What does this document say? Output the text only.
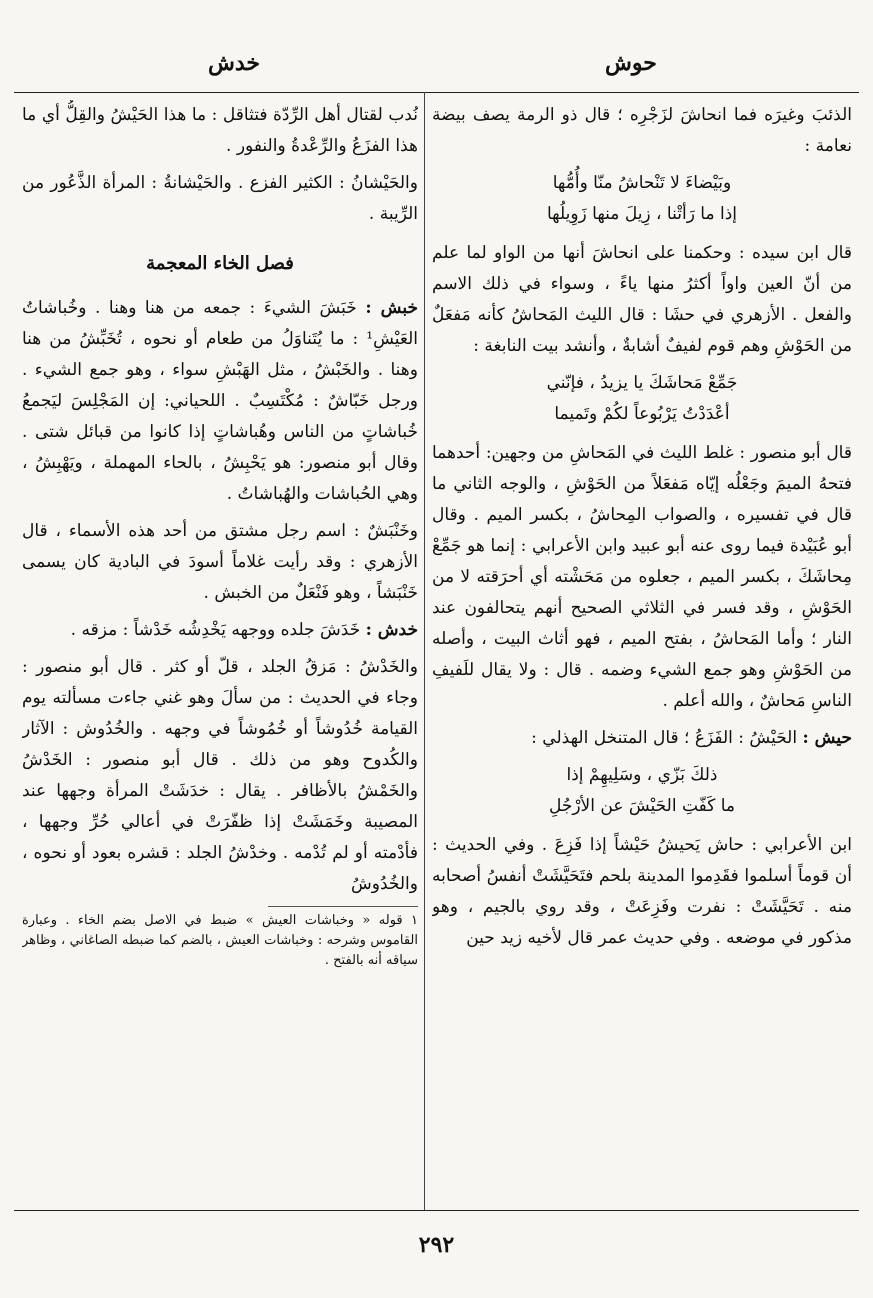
خدش	حوش

الذئبَ وغيرَه فما انحاشَ لزَجْرِه ؛ قال ذو الرمة يصف بيضة نعامة :

وبَيْضاءَ لا تَنْحاشُ منّا وأُمُّها
إذا ما رَأتْنا ، زِيلَ منها زَوِيلُها

قال ابن سيده : وحكمنا على انحاشَ أنها من الواو لما علم من أنّ العين واواً أكثرُ منها ياءً ، وسواء في ذلك الاسم والفعل . الأزهري في حشَا : قال الليث المَحاشُ كأنه مَفعَلٌ من الحَوْشِ وهم قوم لفيفٌ أشابةٌ ، وأنشد بيت النابغة :

جَمِّعْ مَحاشَكَ يا يزيدُ ، فإنّني
أعْدَدْتُ يَرْبُوعاً لكُمْ وتَميما

قال أبو منصور : غلط الليث في المَحاشِ من وجهين: أحدهما فتحهُ الميمَ وجَعْلُه إيّاه مَفعَلاً من الحَوْشِ ، والوجه الثاني ما قال في تفسيره ، والصواب المِحاشُ ، بكسر الميم . وقال أبو عُبَيْدة فيما روى عنه أبو عبيد وابن الأعرابي : إنما هو جَمِّعْ مِحاشَكَ ، بكسر الميم ، جعلوه من مَحَشْته أي أحرَقته لا من الحَوْشِ ، وقد فسر في الثلاثي الصحيح أنهم يتحالفون عند النار ؛ وأما المَحاشُ ، بفتح الميم ، فهو أثاث البيت ، وأصله من الحَوْشِ وهو جمع الشيء وضمه . قال : ولا يقال للَفيفِ الناسِ مَحاشٌ ، والله أعلم .

حيش : الحَيْشُ : الفَزَعُ ؛ قال المتنخل الهذلي :

ذلكَ بَزّي ، وسَلِيهِمْ إذا
ما كَفّتِ الحَيْشَ عن الأرْجُلِ

ابن الأعرابي : حاش يَحيشُ حَيْشاً إذا فَزِعَ . وفي الحديث : أن قوماً أسلموا فقَدِموا المدينة بلحم فتَحَيَّشَتْ أنفسُ أصحابه منه . تَحَيَّشَتْ : نفرت وفَزِعَتْ ، وقد روي بالجيم ، وهو مذكور في موضعه . وفي حديث عمر قال لأخيه زيد حين

نُدب لقتال أهل الرِّدّة فتثاقل : ما هذا الحَيْشُ والقِلُّ أي ما هذا الفزَعُ والرِّعْدةُ والنفور .

والحَيْشانُ : الكثير الفزع . والحَيْشانةُ : المرأة الذَّعُور من الرِّيبة .

فصل الخاء المعجمة

خبش : خَبَشَ الشيءَ : جمعه من هنا وهنا . وخُباشاتُ العَيْشِ¹ : ما يُتَناوَلُ من طعام أو نحوه ، تُخَبِّشُ من هنا وهنا . والخَبْشُ ، مثل الهَبْشِ سواء ، وهو جمع الشيء . ورجل خَبّاشٌ : مُكْتَسِبٌ . اللحياني: إن المَجْلِسَ ليَجمعُ خُباشاتٍ من الناس وهُباشاتٍ إذا كانوا من قبائل شتى . وقال أبو منصور: هو يَحْبِشُ ، بالحاء المهملة ، ويَهْبِشُ ، وهي الحُباشات والهُباشاتُ .

وخَنْبَشٌ : اسم رجل مشتق من أحد هذه الأسماء ، قال الأزهري : وقد رأيت غلاماً أسودَ في البادية كان يسمى خَنْبَشاً ، وهو فَنْعَلٌ من الخبش .

خدش : خَدَشَ جلده ووجهه يَخْدِشُه خَدْشاً : مزقه .

والخَدْشُ : مَزقُ الجلد ، قلّ أو كثر . قال أبو منصور : وجاء في الحديث : من سألَ وهو غني جاءت مسألته يوم القيامة خُدُوشاً أو خُمُوشاً في وجهه . والخُدُوش : الآثار والكُدوح وهو من ذلك . قال أبو منصور : الخَدْشُ والخَمْشُ بالأظافر . يقال : خدَشَتْ المرأة وجهها عند المصيبة وخَمَشَتْ إذا ظفّرَتْ في أعالي حُرِّ وجهها ، فأدْمته أو لم تُدْمه . وخدْشُ الجلد : قشره بعود أو نحوه ، والخُدُوشُ

١ قوله « وخباشات العيش » ضبط في الاصل بضم الخاء . وعبارة القاموس وشرحه : وخباشات العيش ، بالضم كما ضبطه الصاغاني ، وظاهر سياقه أنه بالفتح .

٢٩٢
